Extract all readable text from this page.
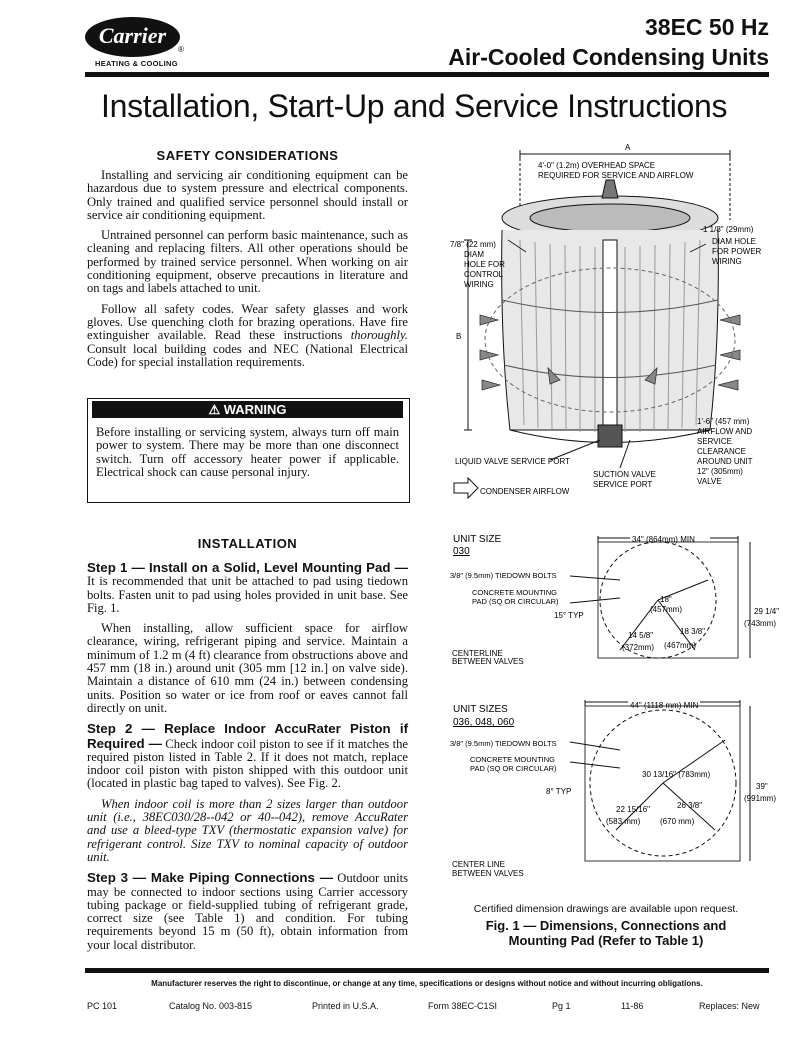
Carrier
®
HEATING & COOLING
38EC 50 Hz
Air-Cooled Condensing Units
Installation, Start-Up and Service Instructions
SAFETY CONSIDERATIONS

Installing and servicing air conditioning equipment can be hazardous due to system pressure and electrical components. Only trained and qualified service personnel should install or service air conditioning equipment.

Untrained personnel can perform basic maintenance, such as cleaning and replacing filters. All other operations should be performed by trained service personnel. When working on air conditioning equipment, observe precautions in literature and on tags and labels attached to unit.

Follow all safety codes. Wear safety glasses and work gloves. Use quenching cloth for brazing operations. Have fire extinguisher available. Read these instructions thoroughly. Consult local building codes and NEC (National Electrical Code) for special installation requirements.

⚠︎ WARNING
Before installing or servicing system, always turn off main power to system. There may be more than one disconnect switch. Turn off accessory heater power if applicable. Electrical shock can cause personal injury.
INSTALLATION

Step 1 — Install on a Solid, Level Mounting Pad — It is recommended that unit be attached to pad using tiedown bolts. Fasten unit to pad using holes provided in unit base. See Fig. 1.

When installing, allow sufficient space for airflow clearance, wiring, refrigerant piping and service. Maintain a minimum of 1.2 m (4 ft) clearance from obstructions above and 457 mm (18 in.) around unit (305 mm [12 in.] on valve side). Maintain a distance of 610 mm (24 in.) between condensing units. Position so water or ice from roof or eaves cannot fall directly on unit.

Step 2 — Replace Indoor AccuRater Piston if Required — Check indoor coil piston to see if it matches the required piston listed in Table 2. If it does not match, replace indoor coil piston with piston shipped with this outdoor unit (located in plastic bag taped to valves). See Fig. 2.

When indoor coil is more than 2 sizes larger than outdoor unit (i.e., 38EC030/28--042 or 40--042), remove AccuRater and use a bleed-type TXV (thermostatic expansion valve) for refrigerant control. Size TXV to nominal capacity of outdoor unit.

Step 3 — Make Piping Connections — Outdoor units may be connected to indoor sections using Carrier accessory tubing package or field-supplied tubing of refrigerant grade, correct size (see Table 1) and condition. For tubing requirements beyond 15 m (50 ft), obtain information from your local distributor.

A
4'-0" (1.2m) OVERHEAD SPACE
REQUIRED FOR SERVICE AND AIRFLOW
7/8" (22 mm)
DIAM
HOLE FOR
CONTROL
WIRING
1 1/8" (29mm)
DIAM HOLE
FOR POWER
WIRING
B
1'-6" (457 mm)
AIRFLOW AND
SERVICE
CLEARANCE
AROUND UNIT
12" (305mm)
VALVE
LIQUID VALVE SERVICE PORT
SUCTION VALVE
SERVICE PORT
CONDENSER AIRFLOW
UNIT SIZE
030
34" (864mm) MIN
3/8" (9.5mm) TIEDOWN BOLTS
CONCRETE MOUNTING
PAD (SQ OR CIRCULAR)
15° TYP
18"
(457mm)
14 5/8"
(372mm)
18 3/8"
(467mm)
29 1/4"
(743mm)
CENTERLINE
BETWEEN VALVES
UNIT SIZES
036, 048, 060
44" (1118 mm) MIN
3/8" (9.5mm) TIEDOWN BOLTS
CONCRETE MOUNTING
PAD (SQ OR CIRCULAR)
8° TYP
30 13/16" (783mm)
22 15/16"
(583 mm)
26 3/8"
(670 mm)
39"
(991mm)
CENTER LINE
BETWEEN VALVES
Certified dimension drawings are available upon request.
Fig. 1 — Dimensions, Connections and
Mounting Pad (Refer to Table 1)
Manufacturer reserves the right to discontinue, or change at any time, specifications or designs without notice and without incurring obligations.
PC 101	Catalog No. 003-815	Printed in U.S.A.	Form 38EC-C1SI	Pg 1	11-86	Replaces: New
